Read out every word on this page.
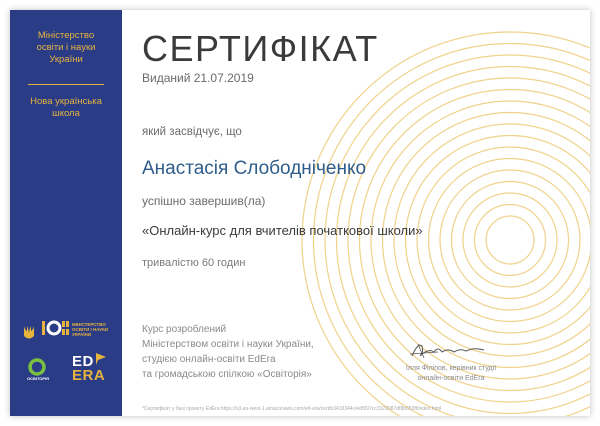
Міністерство
освіти і науки
України
Нова українська
школа
МІНІСТЕРСТВО
ОСВІТИ І НАУКИ
УКРАЇНИ
ОСВІТОРІЯ
ED
ERA
СЕРТИФІКАТ
Виданий 21.07.2019
який засвідчує, що
Анастасія Слободніченко
успішно завершив(ла)
«Онлайн-курс для вчителів початкової школи»
тривалістю 60 годин
Курс розроблений
Міністерством освіти і науки України,
студією онлайн-освіти EdEra
та громадською спілкою «Освіторія»
Ілля Філіпов, керівник студії
онлайн-освіти EdEra
*Сертифікат у базі проекту EdEra https://s3.eu-west-1.amazonaws.com/ed-era/cert/b3419344c4e8597cc3122087df8b053ff/index.html
